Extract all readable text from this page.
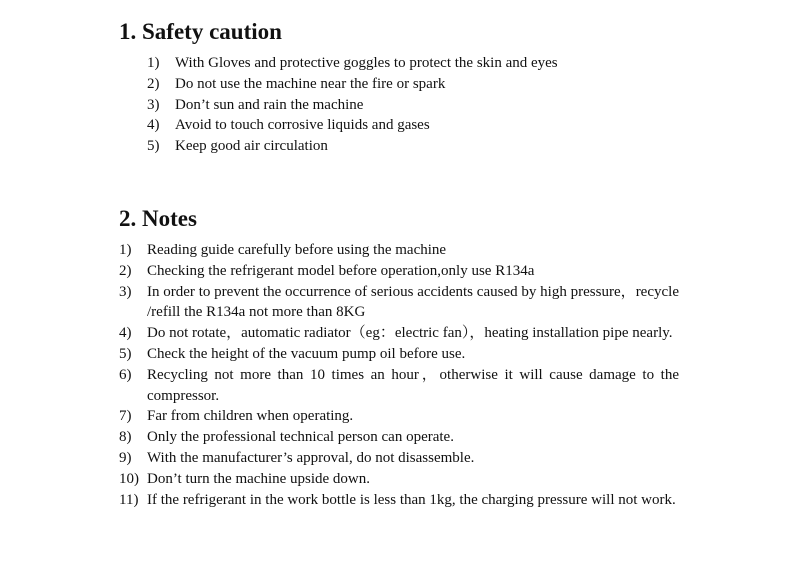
1. Safety caution
1) With Gloves and protective goggles to protect the skin and eyes
2) Do not use the machine near the fire or spark
3) Don’t sun and rain the machine
4) Avoid to touch corrosive liquids and gases
5) Keep good air circulation
2. Notes
1) Reading guide carefully before using the machine
2) Checking the refrigerant model before operation,only use R134a
3) In order to prevent the occurrence of serious accidents caused by high pressure，recycle /refill the R134a not more than 8KG
4) Do not rotate，automatic radiator（eg：electric fan），heating installation pipe nearly.
5) Check the height of the vacuum pump oil before use.
6) Recycling not more than 10 times an hour，otherwise it will cause damage to the compressor.
7) Far from children when operating.
8) Only the professional technical person can operate.
9) With the manufacturer’s approval, do not disassemble.
10) Don’t turn the machine upside down.
11) If the refrigerant in the work bottle is less than 1kg, the charging pressure will not work.
